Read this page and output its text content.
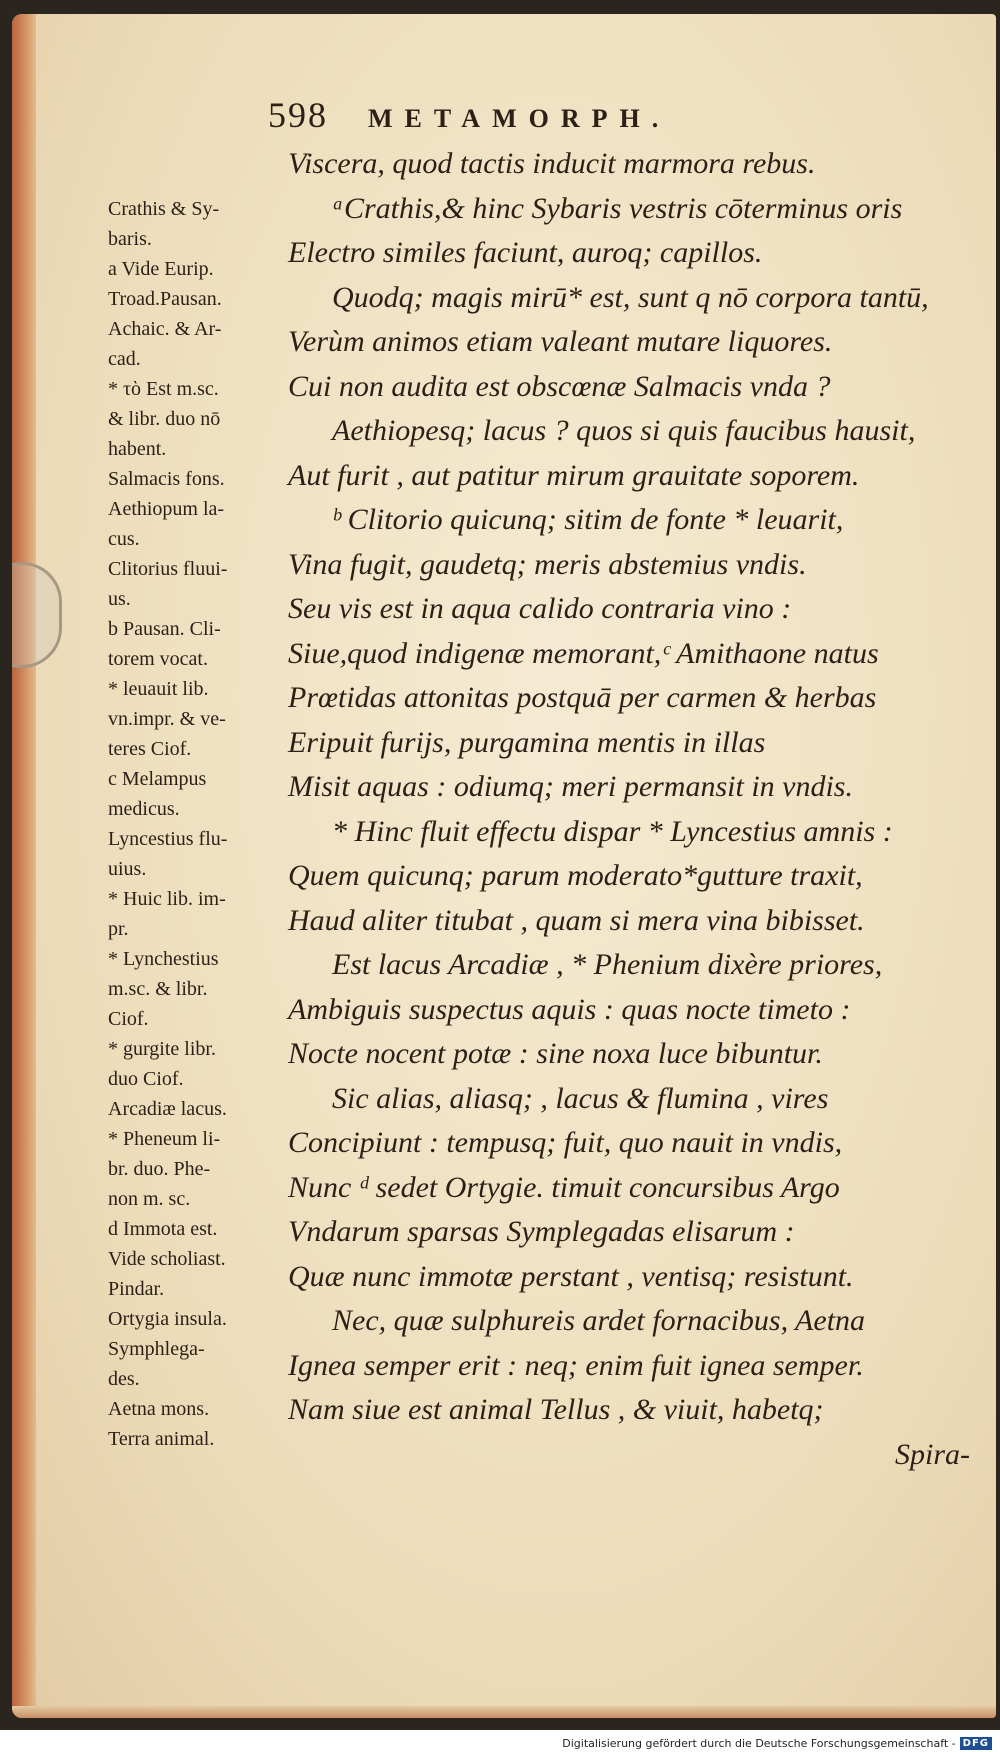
598 METAMORPH.
Crathis & Sy-
baris.
a Vide Eurip.
Troad.Pausan.
Achaic. & Ar-
cad.
* τὸ Est m.sc.
& libr. duo nō
habent.
Salmacis fons.
Aethiopum la-
cus.
Clitorius fluui-
us.
b Pausan. Cli-
torem vocat.
* leuauit lib.
vn.impr. & ve-
teres Ciof.
c Melampus
medicus.
Lyncestius flu-
uius.
* Huic lib. im-
pr.
* Lynchestius
m.sc. & libr.
Ciof.
* gurgite libr.
duo Ciof.
Arcadiæ lacus.
* Pheneum li-
br. duo. Phe-
non m. sc.
d Immota est.
Vide scholiast.
Pindar.
Ortygia insula.
Symphlega-
des.
Aetna mons.
Terra animal.
Viscera, quod tactis inducit marmora rebus.
ᵃCrathis,& hinc Sybaris vestris cōterminus oris
Electro similes faciunt, auroq; capillos.
Quodq; magis mirū* est, sunt q nō corpora tantū,
Verùm animos etiam valeant mutare liquores.
Cui non audita est obscœnæ Salmacis vnda ?
Aethiopesq; lacus ? quos si quis faucibus hausit,
Aut furit , aut patitur mirum grauitate soporem.
ᵇ Clitorio quicunq; sitim de fonte * leuarit,
Vina fugit, gaudetq; meris abstemius vndis.
Seu vis est in aqua calido contraria vino :
Siue,quod indigenæ memorant,ᶜ Amithaone natus
Prœtidas attonitas postquā per carmen & herbas
Eripuit furijs, purgamina mentis in illas
Misit aquas : odiumq; meri permansit in vndis.
* Hinc fluit effectu dispar * Lyncestius amnis :
Quem quicunq; parum moderato*gutture traxit,
Haud aliter titubat , quam si mera vina bibisset.
Est lacus Arcadiæ , * Phenium dixère priores,
Ambiguis suspectus aquis : quas nocte timeto :
Nocte nocent potæ : sine noxa luce bibuntur.
Sic alias, aliasq; , lacus & flumina , vires
Concipiunt : tempusq; fuit, quo nauit in vndis,
Nunc ᵈ sedet Ortygie. timuit concursibus Argo
Vndarum sparsas Symplegadas elisarum :
Quæ nunc immotæ perstant , ventisq; resistunt.
Nec, quæ sulphureis ardet fornacibus, Aetna
Ignea semper erit : neq; enim fuit ignea semper.
Nam siue est animal Tellus , & viuit, habetq;
Spira-
Digitalisierung gefördert durch die Deutsche Forschungsgemeinschaft - DFG
